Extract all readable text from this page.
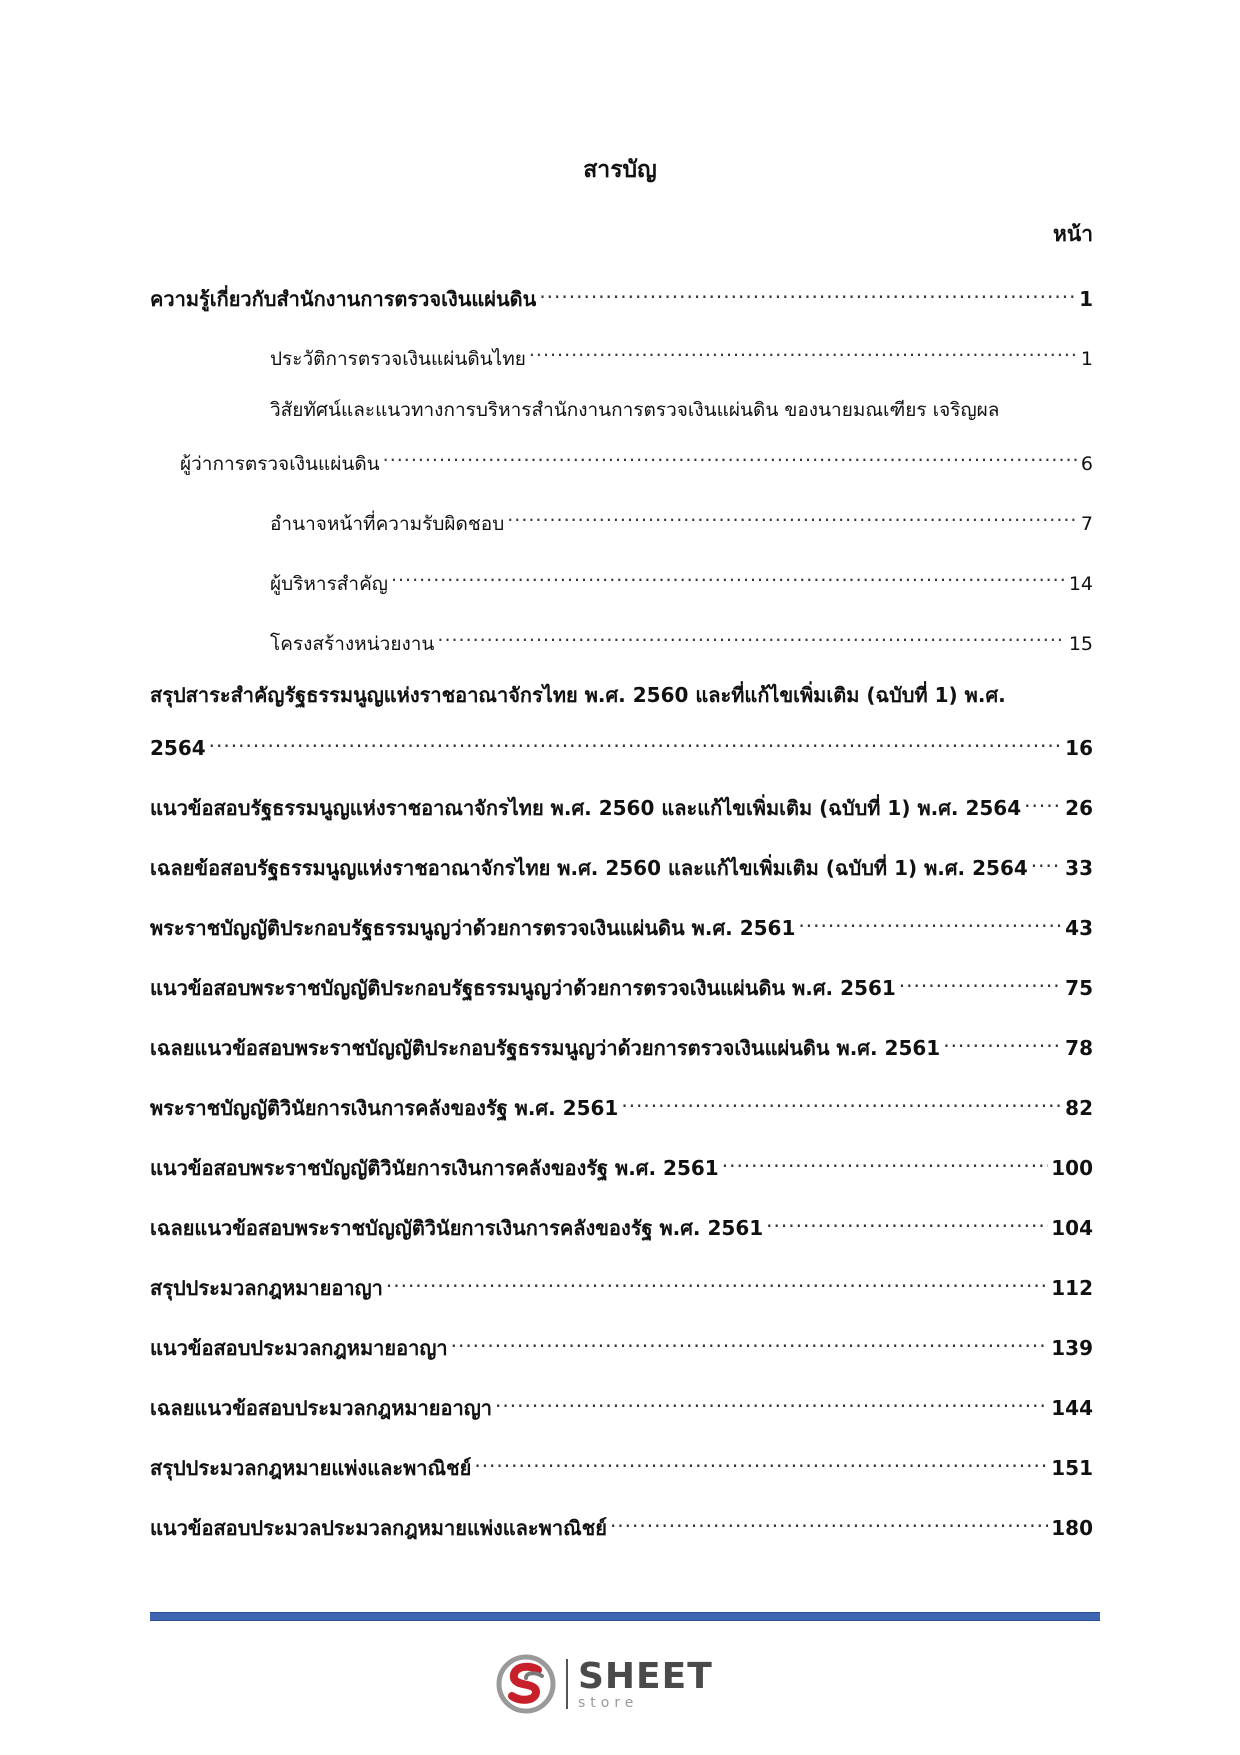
สารบัญ
หน้า
ความรู้เกี่ยวกับสำนักงานการตรวจเงินแผ่นดิน .....	1
ประวัติการตรวจเงินแผ่นดินไทย .....	1
วิสัยทัศน์และแนวทางการบริหารสำนักงานการตรวจเงินแผ่นดิน ของนายมณเฑียร เจริญผล
ผู้ว่าการตรวจเงินแผ่นดิน .....	6
อำนาจหน้าที่ความรับผิดชอบ .....	7
ผู้บริหารสำคัญ .....	14
โครงสร้างหน่วยงาน .....	15
สรุปสาระสำคัญรัฐธรรมนูญแห่งราชอาณาจักรไทย พ.ศ. 2560 และที่แก้ไขเพิ่มเติม (ฉบับที่ 1) พ.ศ.
2564 .....	16
แนวข้อสอบรัฐธรรมนูญแห่งราชอาณาจักรไทย พ.ศ. 2560 และแก้ไขเพิ่มเติม (ฉบับที่ 1) พ.ศ. 2564 ..... 26
เฉลยข้อสอบรัฐธรรมนูญแห่งราชอาณาจักรไทย พ.ศ. 2560 และแก้ไขเพิ่มเติม (ฉบับที่ 1) พ.ศ. 2564 ..... 33
พระราชบัญญัติประกอบรัฐธรรมนูญว่าด้วยการตรวจเงินแผ่นดิน พ.ศ. 2561 .....	43
แนวข้อสอบพระราชบัญญัติประกอบรัฐธรรมนูญว่าด้วยการตรวจเงินแผ่นดิน พ.ศ. 2561 .....	75
เฉลยแนวข้อสอบพระราชบัญญัติประกอบรัฐธรรมนูญว่าด้วยการตรวจเงินแผ่นดิน พ.ศ. 2561 .....	78
พระราชบัญญัติวินัยการเงินการคลังของรัฐ พ.ศ. 2561 .....	82
แนวข้อสอบพระราชบัญญัติวินัยการเงินการคลังของรัฐ พ.ศ. 2561 .....	100
เฉลยแนวข้อสอบพระราชบัญญัติวินัยการเงินการคลังของรัฐ พ.ศ. 2561 .....	104
สรุปประมวลกฎหมายอาญา .....	112
แนวข้อสอบประมวลกฎหมายอาญา .....	139
เฉลยแนวข้อสอบประมวลกฎหมายอาญา .....	144
สรุปประมวลกฎหมายแพ่งและพาณิชย์ .....	151
แนวข้อสอบประมวลประมวลกฎหมายแพ่งและพาณิชย์ .....	180
SHEET
store
